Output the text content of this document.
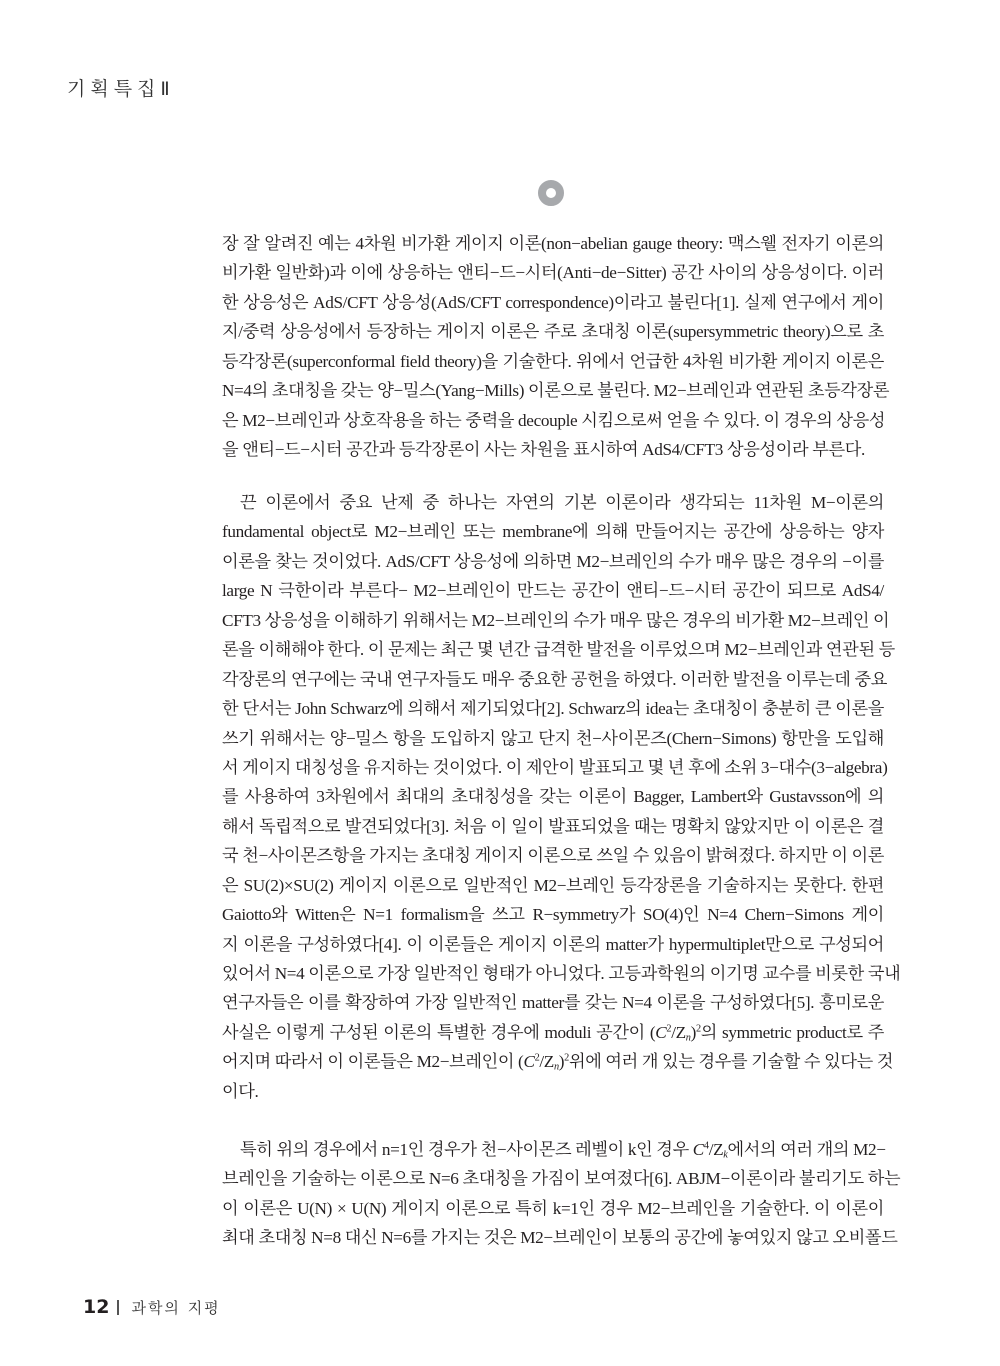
기획특집Ⅱ

장 잘 알려진 예는 4차원 비가환 게이지 이론(non−abelian gauge theory: 맥스웰 전자기 이론의
비가환 일반화)과 이에 상응하는 앤티−드−시터(Anti−de−Sitter) 공간 사이의 상응성이다. 이러
한 상응성은 AdS/CFT 상응성(AdS/CFT correspondence)이라고 불린다[1]. 실제 연구에서 게이
지/중력 상응성에서 등장하는 게이지 이론은 주로 초대칭 이론(supersymmetric theory)으로 초
등각장론(superconformal field theory)을 기술한다. 위에서 언급한 4차원 비가환 게이지 이론은
N=4의 초대칭을 갖는 양−밀스(Yang−Mills) 이론으로 불린다. M2−브레인과 연관된 초등각장론
은 M2−브레인과 상호작용을 하는 중력을 decouple 시킴으로써 얻을 수 있다. 이 경우의 상응성
을 앤티−드−시터 공간과 등각장론이 사는 차원을 표시하여 AdS4/CFT3 상응성이라 부른다.

끈 이론에서 중요 난제 중 하나는 자연의 기본 이론이라 생각되는 11차원 M−이론의
fundamental object로 M2−브레인 또는 membrane에 의해 만들어지는 공간에 상응하는 양자
이론을 찾는 것이었다. AdS/CFT 상응성에 의하면 M2−브레인의 수가 매우 많은 경우의 −이를
large N 극한이라 부른다− M2−브레인이 만드는 공간이 앤티−드−시터 공간이 되므로 AdS4/
CFT3 상응성을 이해하기 위해서는 M2−브레인의 수가 매우 많은 경우의 비가환 M2−브레인 이
론을 이해해야 한다. 이 문제는 최근 몇 년간 급격한 발전을 이루었으며 M2−브레인과 연관된 등
각장론의 연구에는 국내 연구자들도 매우 중요한 공헌을 하였다. 이러한 발전을 이루는데 중요
한 단서는 John Schwarz에 의해서 제기되었다[2]. Schwarz의 idea는 초대칭이 충분히 큰 이론을
쓰기 위해서는 양−밀스 항을 도입하지 않고 단지 천−사이몬즈(Chern−Simons) 항만을 도입해
서 게이지 대칭성을 유지하는 것이었다. 이 제안이 발표되고 몇 년 후에 소위 3−대수(3−algebra)
를 사용하여 3차원에서 최대의 초대칭성을 갖는 이론이 Bagger, Lambert와 Gustavsson에 의
해서 독립적으로 발견되었다[3]. 처음 이 일이 발표되었을 때는 명확치 않았지만 이 이론은 결
국 천−사이몬즈항을 가지는 초대칭 게이지 이론으로 쓰일 수 있음이 밝혀졌다. 하지만 이 이론
은 SU(2)×SU(2) 게이지 이론으로 일반적인 M2−브레인 등각장론을 기술하지는 못한다. 한편
Gaiotto와 Witten은 N=1 formalism을 쓰고 R−symmetry가 SO(4)인 N=4 Chern−Simons 게이
지 이론을 구성하였다[4]. 이 이론들은 게이지 이론의 matter가 hypermultiplet만으로 구성되어
있어서 N=4 이론으로 가장 일반적인 형태가 아니었다. 고등과학원의 이기명 교수를 비롯한 국내
연구자들은 이를 확장하여 가장 일반적인 matter를 갖는 N=4 이론을 구성하였다[5]. 흥미로운
사실은 이렇게 구성된 이론의 특별한 경우에 moduli 공간이 $(C^2/Z_n)^2$의 symmetric product로 주
어지며 따라서 이 이론들은 M2−브레인이 $(C^2/Z_n)^2$위에 여러 개 있는 경우를 기술할 수 있다는 것
이다.

특히 위의 경우에서 n=1인 경우가 천−사이몬즈 레벨이 k인 경우 $C^4/Z_k$에서의 여러 개의 M2−
브레인을 기술하는 이론으로 N=6 초대칭을 가짐이 보여졌다[6]. ABJM−이론이라 불리기도 하는
이 이론은 U(N) × U(N) 게이지 이론으로 특히 k=1인 경우 M2−브레인을 기술한다. 이 이론이
최대 초대칭 N=8 대신 N=6를 가지는 것은 M2−브레인이 보통의 공간에 놓여있지 않고 오비폴드

12 과학의 지평
